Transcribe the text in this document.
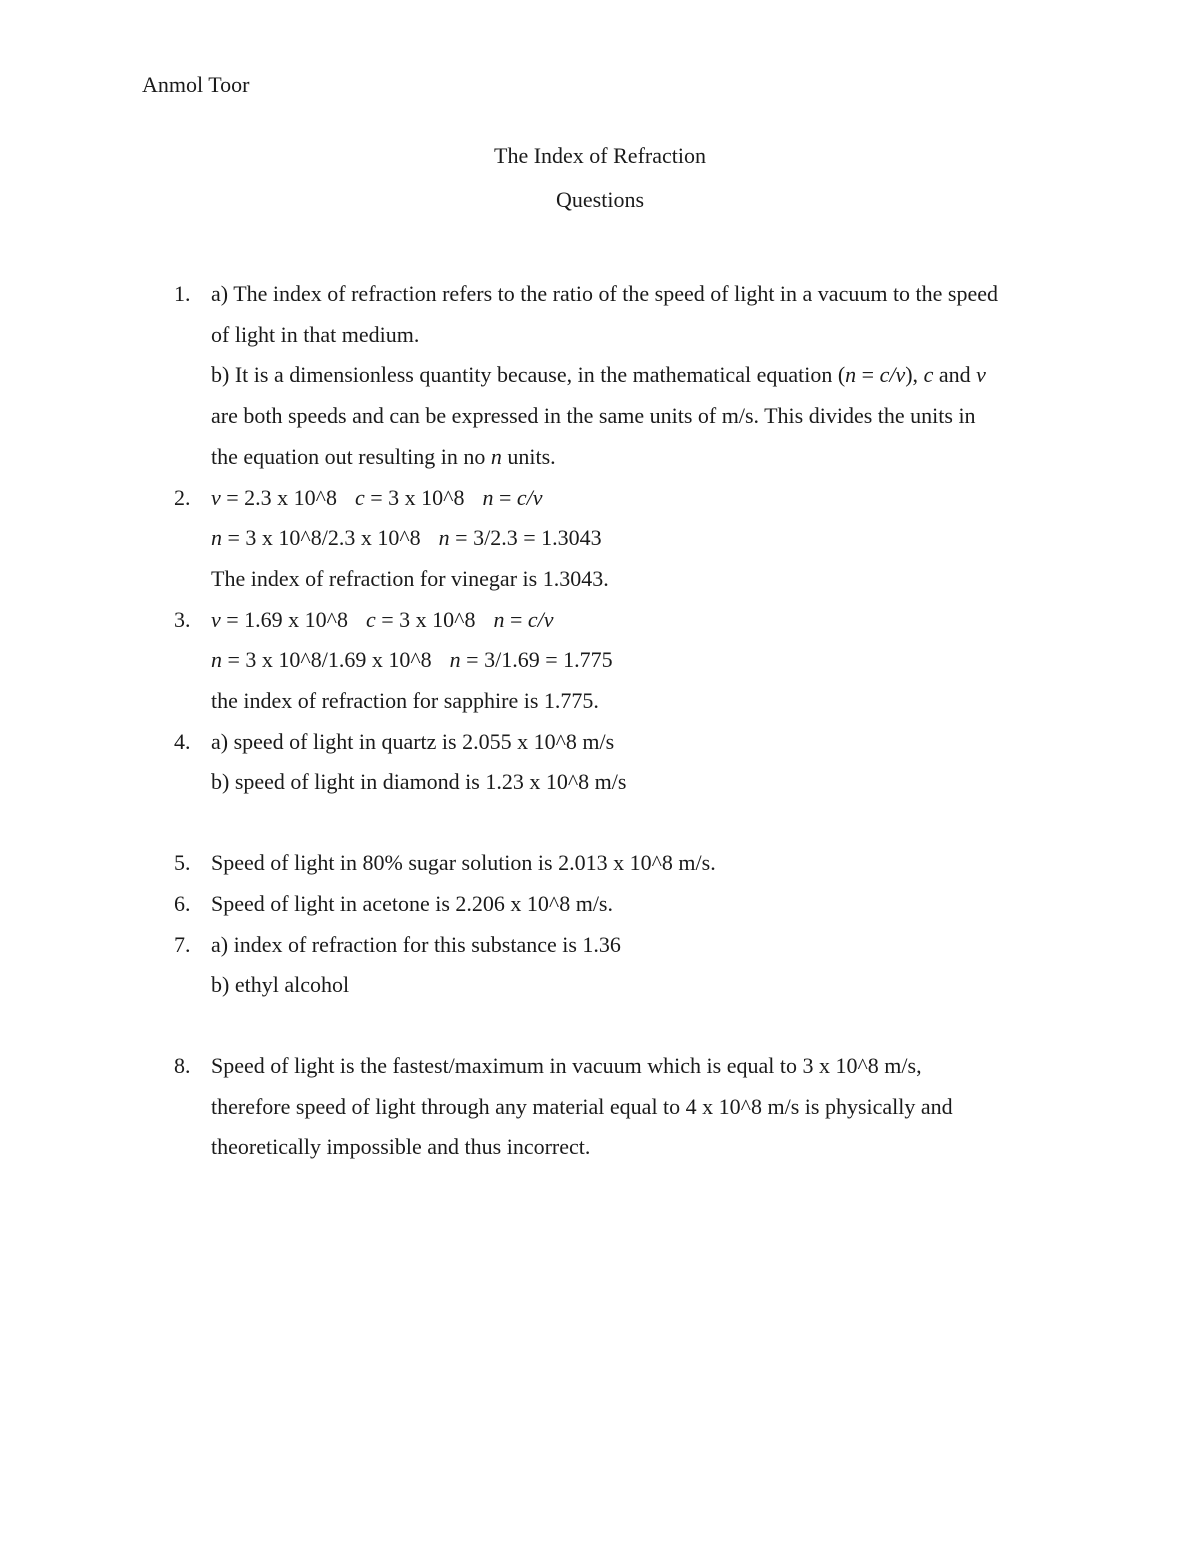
Anmol Toor
The Index of Refraction
Questions
1. a) The index of refraction refers to the ratio of the speed of light in a vacuum to the speed
of light in that medium.
b) It is a dimensionless quantity because, in the mathematical equation (n = c/v), c and v
are both speeds and can be expressed in the same units of m/s. This divides the units in
the equation out resulting in no n units.
2. v = 2.3 x 10^8 c = 3 x 10^8 n = c/v
n = 3 x 10^8/2.3 x 10^8 n = 3/2.3 = 1.3043
The index of refraction for vinegar is 1.3043.
3. v = 1.69 x 10^8 c = 3 x 10^8 n = c/v
n = 3 x 10^8/1.69 x 10^8 n = 3/1.69 = 1.775
the index of refraction for sapphire is 1.775.
4. a) speed of light in quartz is 2.055 x 10^8 m/s
b) speed of light in diamond is 1.23 x 10^8 m/s
5. Speed of light in 80% sugar solution is 2.013 x 10^8 m/s.
6. Speed of light in acetone is 2.206 x 10^8 m/s.
7. a) index of refraction for this substance is 1.36
b) ethyl alcohol
8. Speed of light is the fastest/maximum in vacuum which is equal to 3 x 10^8 m/s,
therefore speed of light through any material equal to 4 x 10^8 m/s is physically and
theoretically impossible and thus incorrect.
